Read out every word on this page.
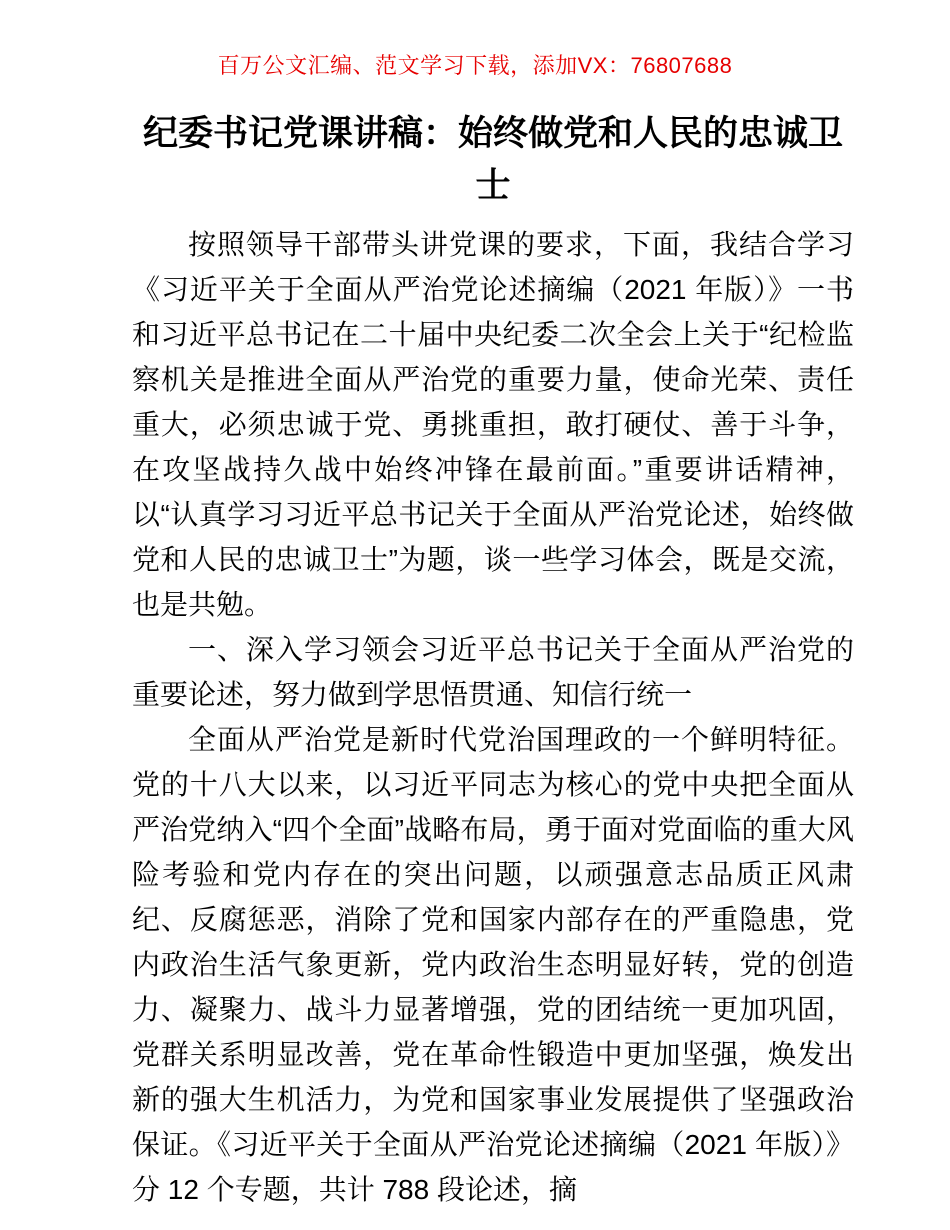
百万公文汇编、范文学习下载，添加VX：76807688
纪委书记党课讲稿：始终做党和人民的忠诚卫士

按照领导干部带头讲党课的要求，下面，我结合学习《习近平关于全面从严治党论述摘编（2021 年版）》一书和习近平总书记在二十届中央纪委二次全会上关于“纪检监察机关是推进全面从严治党的重要力量，使命光荣、责任重大，必须忠诚于党、勇挑重担，敢打硬仗、善于斗争，在攻坚战持久战中始终冲锋在最前面。”重要讲话精神，以“认真学习习近平总书记关于全面从严治党论述，始终做党和人民的忠诚卫士”为题，谈一些学习体会，既是交流，也是共勉。

一、深入学习领会习近平总书记关于全面从严治党的重要论述，努力做到学思悟贯通、知信行统一

全面从严治党是新时代党治国理政的一个鲜明特征。党的十八大以来，以习近平同志为核心的党中央把全面从严治党纳入“四个全面”战略布局，勇于面对党面临的重大风险考验和党内存在的突出问题，以顽强意志品质正风肃纪、反腐惩恶，消除了党和国家内部存在的严重隐患，党内政治生活气象更新，党内政治生态明显好转，党的创造力、凝聚力、战斗力显著增强，党的团结统一更加巩固，党群关系明显改善，党在革命性锻造中更加坚强，焕发出新的强大生机活力，为党和国家事业发展提供了坚强政治保证。《习近平关于全面从严治党论述摘编（2021 年版）》分 12 个专题，共计 788 段论述，摘
